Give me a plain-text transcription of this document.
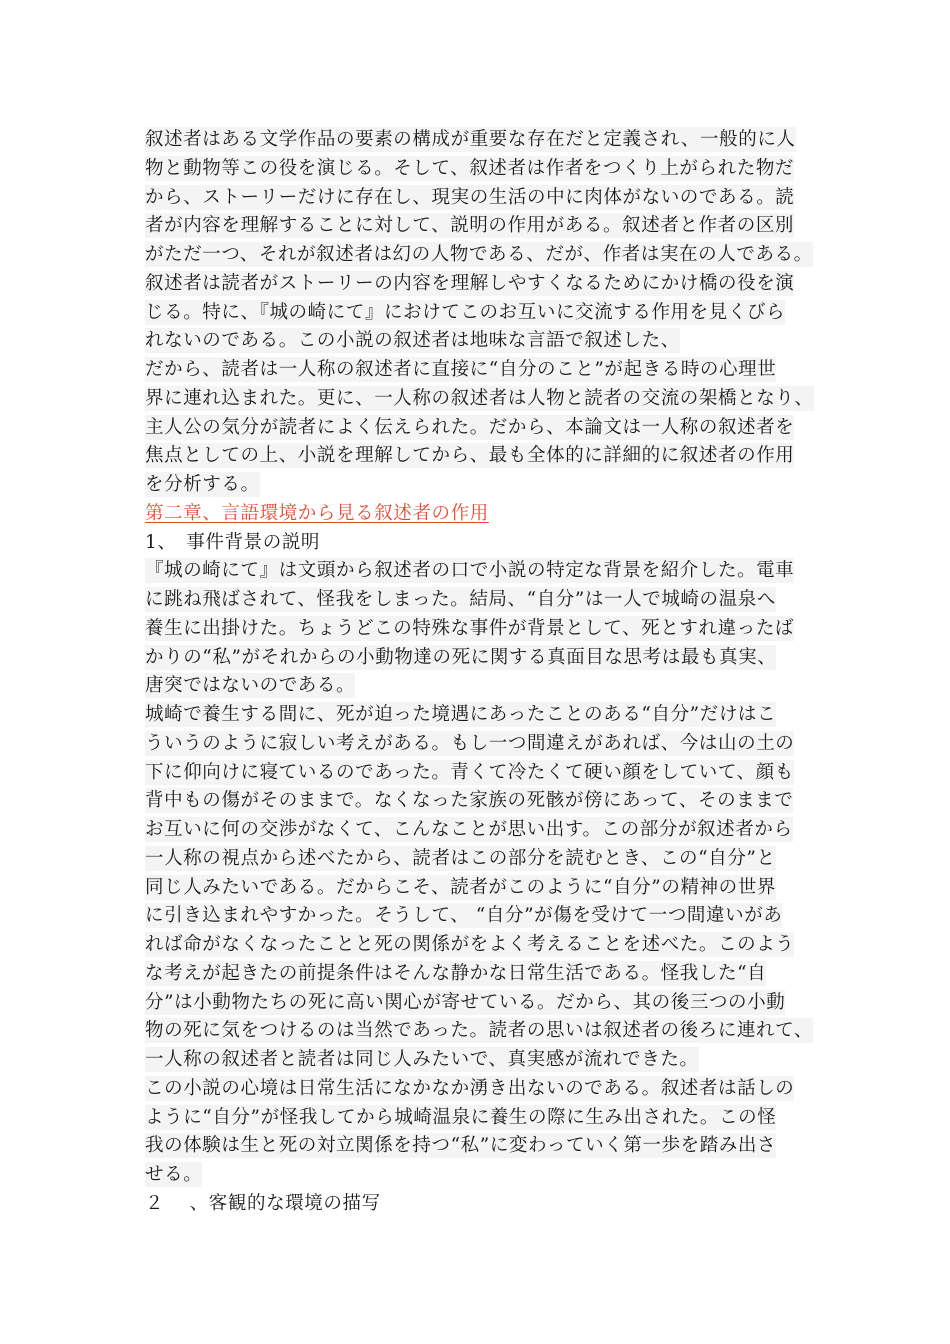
叙述者はある文学作品の要素の構成が重要な存在だと定義され、一般的に人
物と動物等この役を演じる。そして、叙述者は作者をつくり上がられた物だ
から、ストーリーだけに存在し、現実の生活の中に肉体がないのである。読
者が内容を理解することに対して、説明の作用がある。叙述者と作者の区別
がただ一つ、それが叙述者は幻の人物である、だが、作者は実在の人である。
叙述者は読者がストーリーの内容を理解しやすくなるためにかけ橋の役を演
じる。特に、『城の崎にて』におけてこのお互いに交流する作用を見くびら
れないのである。この小説の叙述者は地味な言語で叙述した、
だから、読者は一人称の叙述者に直接に“自分のこと”が起きる時の心理世
界に連れ込まれた。更に、一人称の叙述者は人物と読者の交流の架橋となり、
主人公の気分が読者によく伝えられた。だから、本論文は一人称の叙述者を
焦点としての上、小説を理解してから、最も全体的に詳細的に叙述者の作用
を分析する。
第二章、言語環境から見る叙述者の作用
1、　事件背景の説明
『城の崎にて』は文頭から叙述者の口で小説の特定な背景を紹介した。電車
に跳ね飛ばされて、怪我をしまった。結局、“自分”は一人で城崎の温泉へ
養生に出掛けた。ちょうどこの特殊な事件が背景として、死とすれ違ったば
かりの“私”がそれからの小動物達の死に関する真面目な思考は最も真実、
唐突ではないのである。
城崎で養生する間に、死が迫った境遇にあったことのある“自分”だけはこ
ういうのように寂しい考えがある。もし一つ間違えがあれば、今は山の土の
下に仰向けに寝ているのであった。青くて冷たくて硬い顔をしていて、顔も
背中もの傷がそのままで。なくなった家族の死骸が傍にあって、そのままで
お互いに何の交渉がなくて、こんなことが思い出す。この部分が叙述者から
一人称の視点から述べたから、読者はこの部分を読むとき、この“自分”と
同じ人みたいである。だからこそ、読者がこのように“自分”の精神の世界
に引き込まれやすかった。そうして、 “自分”が傷を受けて一つ間違いがあ
れば命がなくなったことと死の関係がをよく考えることを述べた。このよう
な考えが起きたの前提条件はそんな静かな日常生活である。怪我した“自
分”は小動物たちの死に高い関心が寄せている。だから、其の後三つの小動
物の死に気をつけるのは当然であった。読者の思いは叙述者の後ろに連れて、
一人称の叙述者と読者は同じ人みたいで、真実感が流れできた。
この小説の心境は日常生活になかなか湧き出ないのである。叙述者は話しの
ように“自分”が怪我してから城崎温泉に養生の際に生み出された。この怪
我の体験は生と死の対立関係を持つ“私”に変わっていく第一歩を踏み出さ
せる。
２　 、客観的な環境の描写
